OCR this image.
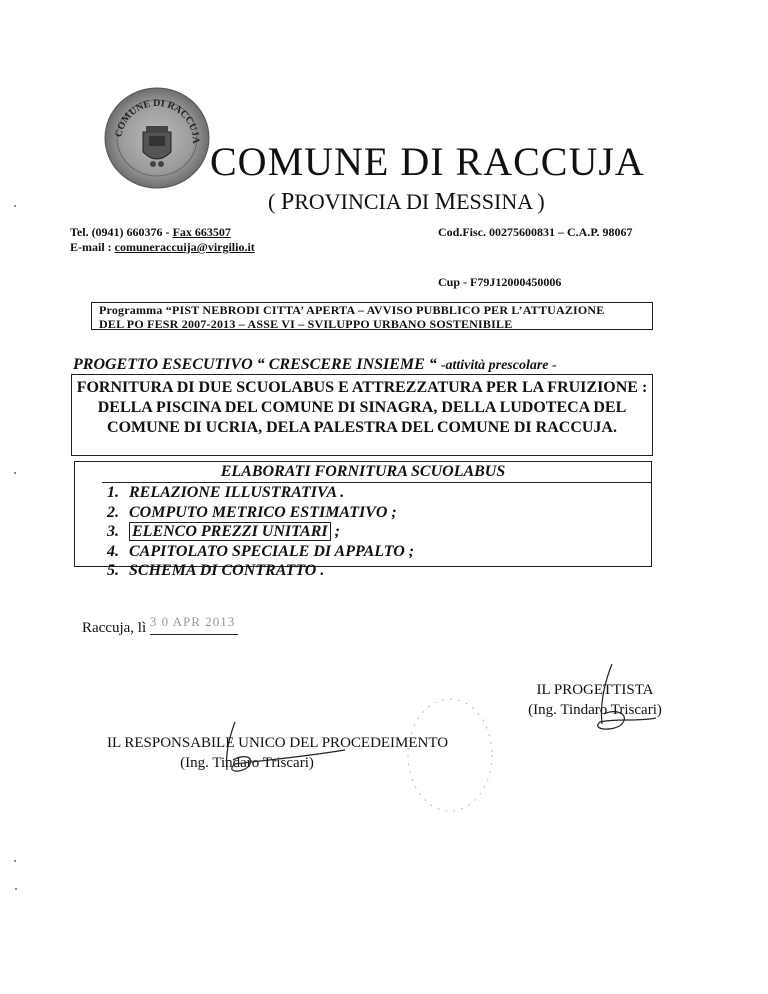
COMUNE DI RACCUJA COMUNE DI RACCUJA
( PROVINCIA DI MESSINA )
Tel. (0941) 660376 - Fax 663507
E-mail : comuneraccuija@virgilio.it
Cod.Fisc. 00275600831 – C.A.P. 98067
Cup - F79J12000450006
Programma “PIST NEBRODI CITTA’ APERTA – AVVISO PUBBLICO PER L’ATTUAZIONE
DEL PO FESR 2007-2013 – ASSE VI – SVILUPPO URBANO SOSTENIBILE
PROGETTO ESECUTIVO “ CRESCERE INSIEME “ -attività prescolare -
FORNITURA DI DUE SCUOLABUS E ATTREZZATURA PER LA FRUIZIONE :
DELLA PISCINA DEL COMUNE DI SINAGRA, DELLA LUDOTECA DEL
COMUNE DI UCRIA, DELA PALESTRA DEL COMUNE DI RACCUJA.
ELABORATI FORNITURA SCUOLABUS
1. RELAZIONE ILLUSTRATIVA .
2. COMPUTO METRICO ESTIMATIVO ;
3. ELENCO PREZZI UNITARI ;
4. CAPITOLATO SPECIALE DI APPALTO ;
5. SCHEMA DI CONTRATTO .
Raccuja, lì 3 0 APR 2013
IL PROGETTISTA
(Ing. Tindaro Triscari)
IL RESPONSABILE UNICO DEL PROCEDEIMENTO
(Ing. Tindaro Triscari)
